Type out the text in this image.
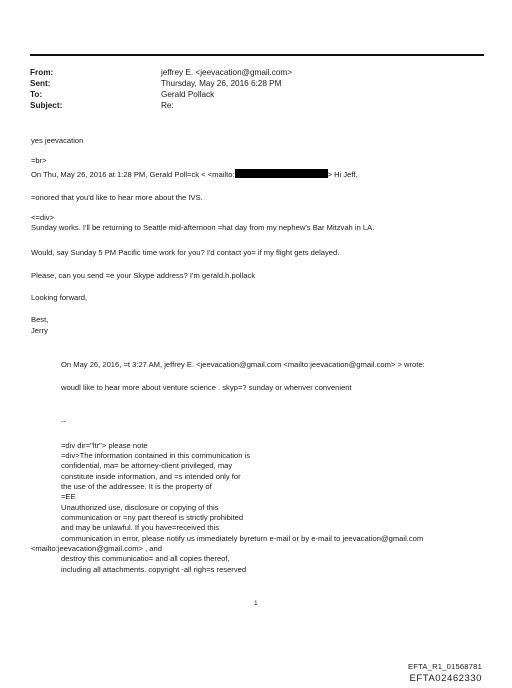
From:	jeffrey E. <jeevacation@gmail.com>
Sent:	Thursday, May 26, 2016 6:28 PM
To:	Gerald Pollack
Subject:	Re:
yes jeevacation
=br>
On Thu, May 26, 2016 at 1:28 PM, Gerald Poll=ck < <mailto:	> Hi Jeff,
=onored that you'd like to hear more about the IVS.
<=div>
Sunday works. I'll be returning to Seattle mid-afternoon =hat day from my nephew's Bar Mitzvah in LA.
Would, say Sunday 5 PM Pacific time work for you? I'd contact yo= if my flight gets delayed.
Please, can you send =e your Skype address? I'm gerald.h.pollack
Looking forward,
Best,
Jerry
On May 26, 2016, =t 3:27 AM, jeffrey E. <jeevacation@gmail.com <mailto:jeevacation@gmail.com> > wrote:
woudl like to hear more about venture science . skyp=? sunday or whenver convenient
--
=div dir="ltr"> please note
=div>The information contained in this communication is
confidential, ma= be attorney-client privileged, may
constitute inside information, and =s intended only for
the use of the addressee. It is the property of
=EE
Unauthorized use, disclosure or copying of this
communication or =ny part thereof is strictly prohibited
and may be unlawful. If you have=received this
communication in error, please notify us immediately byreturn e-mail or by e-mail to jeevacation@gmail.com
<mailto:jeevacation@gmail.com> , and
destroy this communicatio= and all copies thereof,
including all attachments. copyright -all righ=s reserved
1
EFTA_R1_01568781
EFTA02462330
